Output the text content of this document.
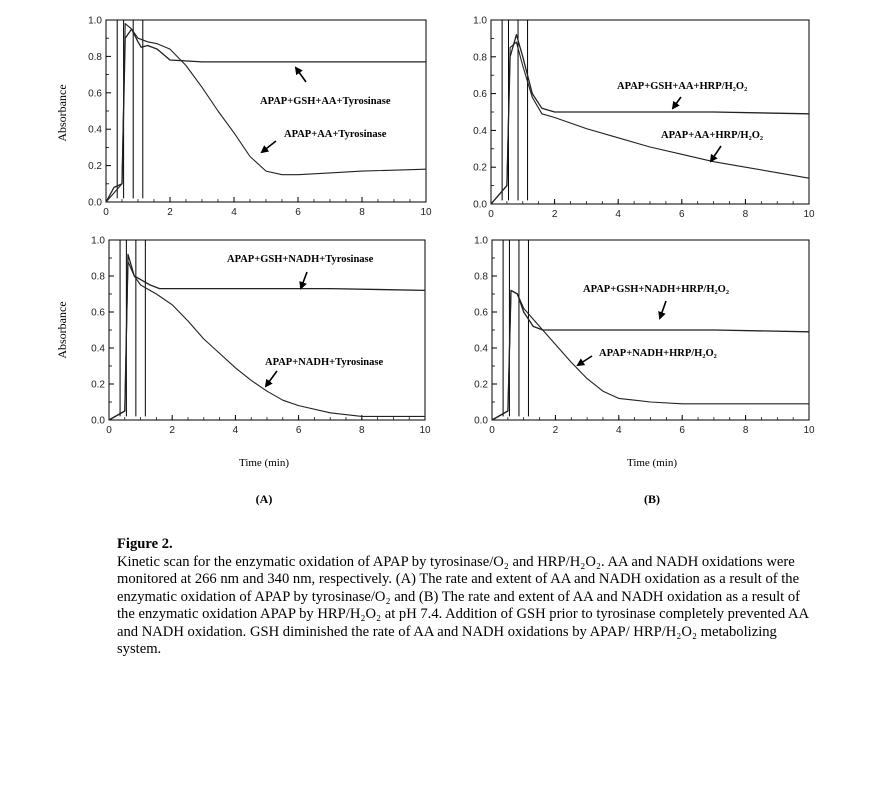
Absorbance
Absorbance
0.0
0.2
0.4
0.6
0.8
1.0
0	2	4	6	8	10
0.0
0.2
0.4
0.6
0.8
1.0
0	2	4	6	8	10
0.0
0.2
0.4
0.6
0.8
1.0
0	2	4	6	8	10
0.0
0.2
0.4
0.6
0.8
1.0
0	2	4	6	8	10
APAP+GSH+AA+Tyrosinase
APAP+AA+Tyrosinase
APAP+GSH+AA+HRP/H₂O₂
APAP+AA+HRP/H₂O₂
APAP+GSH+NADH+Tyrosinase
APAP+NADH+Tyrosinase
APAP+GSH+NADH+HRP/H₂O₂
APAP+NADH+HRP/H₂O₂
Time (min)	Time (min)
(A)	(B)
Figure 2.
Kinetic scan for the enzymatic oxidation of APAP by tyrosinase/O₂ and HRP/H₂O₂. AA and NADH oxidations were monitored at 266 nm and 340 nm, respectively. (A) The rate and extent of AA and NADH oxidation as a result of the enzymatic oxidation of APAP by tyrosinase/O₂ and (B) The rate and extent of AA and NADH oxidation as a result of the enzymatic oxidation APAP by HRP/H₂O₂ at pH 7.4. Addition of GSH prior to tyrosinase completely prevented AA and NADH oxidation. GSH diminished the rate of AA and NADH oxidations by APAP/ HRP/H₂O₂ metabolizing system.
